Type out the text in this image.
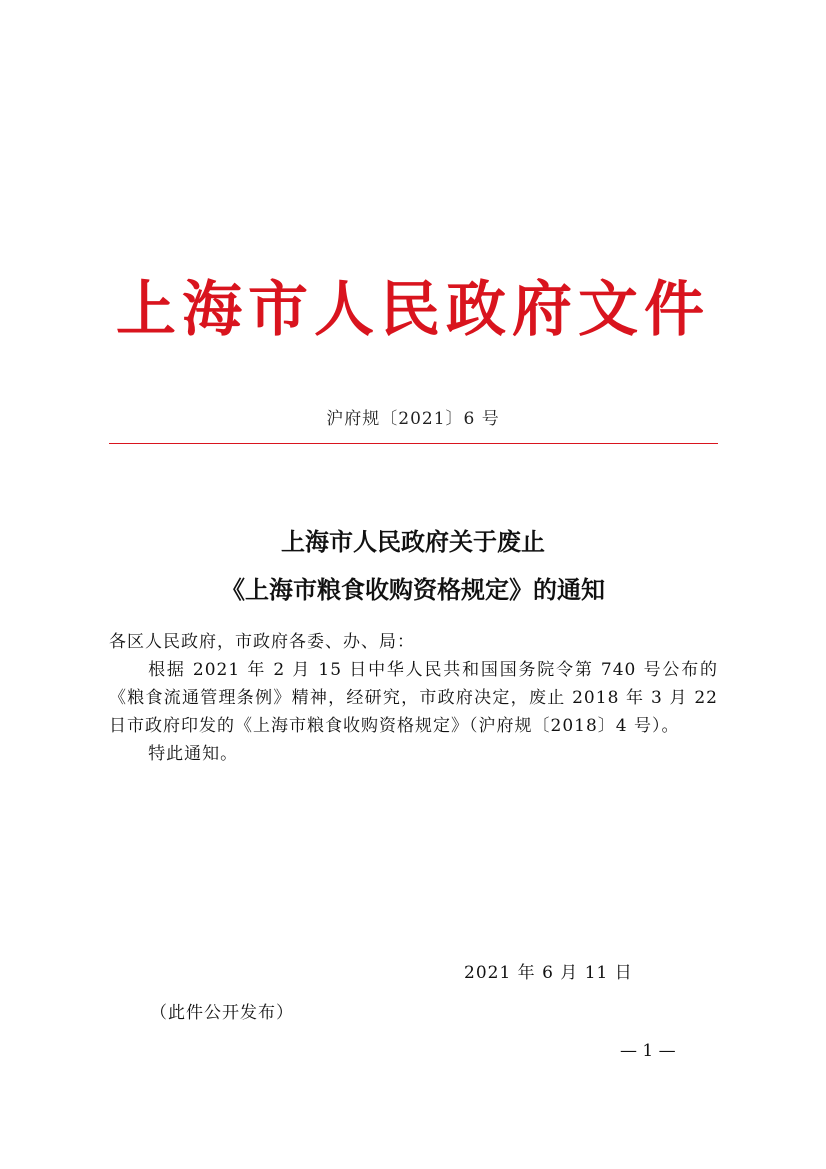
上海市人民政府文件
沪府规〔2021〕6 号
上海市人民政府关于废止
《上海市粮食收购资格规定》的通知

各区人民政府，市政府各委、办、局：

根据 2021 年 2 月 15 日中华人民共和国国务院令第 740 号公布的《粮食流通管理条例》精神，经研究，市政府决定，废止 2018 年 3 月 22 日市政府印发的《上海市粮食收购资格规定》（沪府规〔2018〕4 号）。

特此通知。

2021 年 6 月 11 日
（此件公开发布）
— 1 —
